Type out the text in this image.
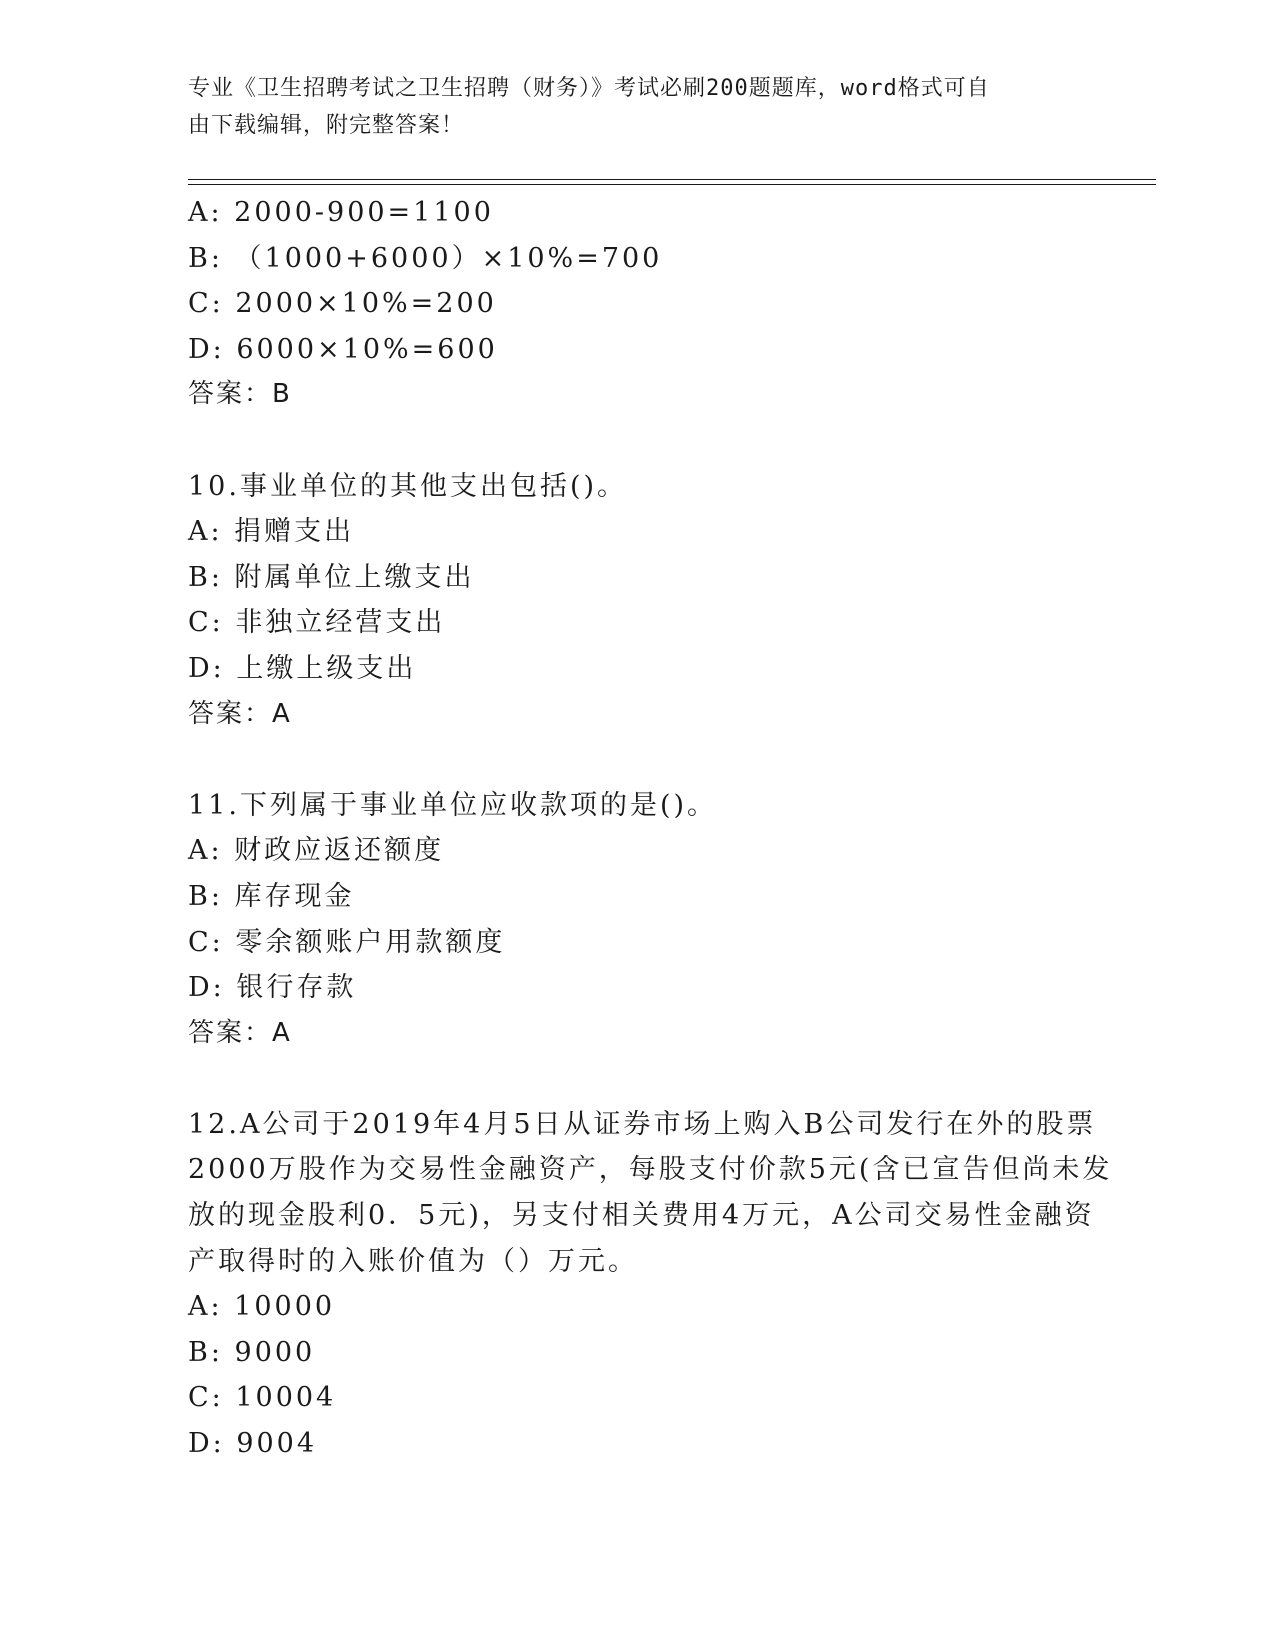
专业《卫生招聘考试之卫生招聘（财务）》考试必刷200题题库，word格式可自
由下载编辑，附完整答案！
A: 2000-900=1100
B: （1000+6000）×10%=700
C: 2000×10%=200
D: 6000×10%=600
答案：B
10.事业单位的其他支出包括()。
A: 捐赠支出
B: 附属单位上缴支出
C: 非独立经营支出
D: 上缴上级支出
答案：A
11.下列属于事业单位应收款项的是()。
A: 财政应返还额度
B: 库存现金
C: 零余额账户用款额度
D: 银行存款
答案：A
12.A公司于2019年4月5日从证券市场上购入B公司发行在外的股票
2000万股作为交易性金融资产，每股支付价款5元(含已宣告但尚未发
放的现金股利0．5元)，另支付相关费用4万元，A公司交易性金融资
产取得时的入账价值为（）万元。
A: 10000
B: 9000
C: 10004
D: 9004
